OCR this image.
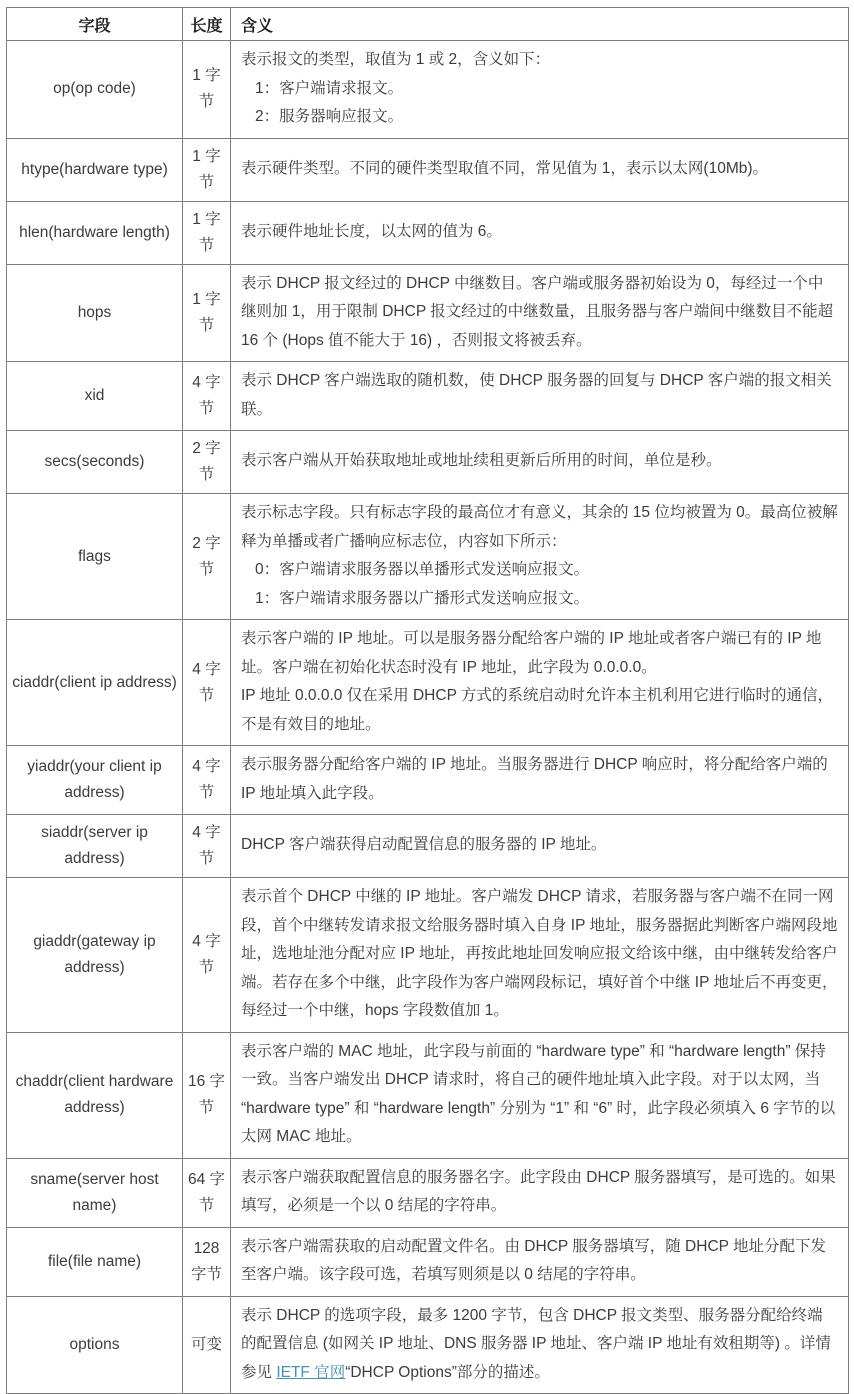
字段	长度	含义
op(op code)	1 字节	表示报文的类型，取值为 1 或 2，含义如下：
1：客户端请求报文。
2：服务器响应报文。

htype(hardware type)	1 字节	表示硬件类型。不同的硬件类型取值不同，常见值为 1，表示以太网(10Mb)。

hlen(hardware length)	1 字节	表示硬件地址长度，以太网的值为 6。

hops	1 字节	表示 DHCP 报文经过的 DHCP 中继数目。客户端或服务器初始设为 0，每经过一个中继则加 1，用于限制 DHCP 报文经过的中继数量，且服务器与客户端间中继数目不能超 16 个 (Hops 值不能大于 16) ，否则报文将被丢弃。

xid	4 字节	表示 DHCP 客户端选取的随机数，使 DHCP 服务器的回复与 DHCP 客户端的报文相关联。

secs(seconds)	2 字节	表示客户端从开始获取地址或地址续租更新后所用的时间，单位是秒。

flags	2 字节	表示标志字段。只有标志字段的最高位才有意义，其余的 15 位均被置为 0。最高位被解释为单播或者广播响应标志位，内容如下所示：
0：客户端请求服务器以单播形式发送响应报文。
1：客户端请求服务器以广播形式发送响应报文。

ciaddr(client ip address)	4 字节	表示客户端的 IP 地址。可以是服务器分配给客户端的 IP 地址或者客户端已有的 IP 地址。客户端在初始化状态时没有 IP 地址，此字段为 0.0.0.0。
IP 地址 0.0.0.0 仅在采用 DHCP 方式的系统启动时允许本主机利用它进行临时的通信，不是有效目的地址。

yiaddr(your client ip address)	4 字节	表示服务器分配给客户端的 IP 地址。当服务器进行 DHCP 响应时，将分配给客户端的 IP 地址填入此字段。

siaddr(server ip address)	4 字节	DHCP 客户端获得启动配置信息的服务器的 IP 地址。

giaddr(gateway ip address)	4 字节	表示首个 DHCP 中继的 IP 地址。客户端发 DHCP 请求，若服务器与客户端不在同一网段，首个中继转发请求报文给服务器时填入自身 IP 地址，服务器据此判断客户端网段地址，选地址池分配对应 IP 地址，再按此地址回发响应报文给该中继，由中继转发给客户端。若存在多个中继，此字段作为客户端网段标记，填好首个中继 IP 地址后不再变更，每经过一个中继，hops 字段数值加 1。

chaddr(client hardware address)	16 字节	表示客户端的 MAC 地址，此字段与前面的 “hardware type” 和 “hardware length” 保持一致。当客户端发出 DHCP 请求时，将自己的硬件地址填入此字段。对于以太网，当 “hardware type” 和 “hardware length” 分别为 “1” 和 “6” 时，此字段必须填入 6 字节的以太网 MAC 地址。

sname(server host name)	64 字节	表示客户端获取配置信息的服务器名字。此字段由 DHCP 服务器填写，是可选的。如果填写，必须是一个以 0 结尾的字符串。

file(file name)	128 字节	表示客户端需获取的启动配置文件名。由 DHCP 服务器填写，随 DHCP 地址分配下发至客户端。该字段可选，若填写则须是以 0 结尾的字符串。

options	可变	表示 DHCP 的选项字段，最多 1200 字节，包含 DHCP 报文类型、服务器分配给终端的配置信息 (如网关 IP 地址、DNS 服务器 IP 地址、客户端 IP 地址有效租期等) 。详情参见 IETF 官网“DHCP Options”部分的描述。
